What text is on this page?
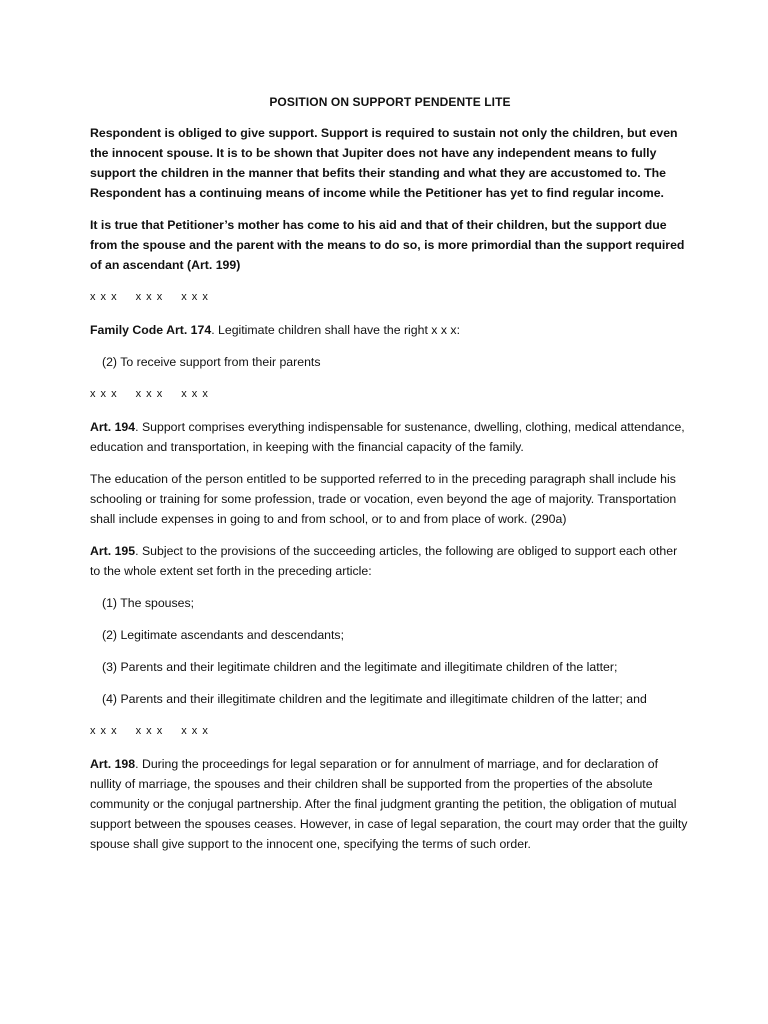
POSITION ON SUPPORT PENDENTE LITE

Respondent is obliged to give support. Support is required to sustain not only the children, but even the innocent spouse. It is to be shown that Jupiter does not have any independent means to fully support the children in the manner that befits their standing and what they are accustomed to. The Respondent has a continuing means of income while the Petitioner has yet to find regular income.

It is true that Petitioner’s mother has come to his aid and that of their children, but the support due from the spouse and the parent with the means to do so, is more primordial than the support required of an ascendant (Art. 199)

x x x x x x x x x

Family Code Art. 174. Legitimate children shall have the right x x x:

(2) To receive support from their parents

x x x x x x x x x

Art. 194. Support comprises everything indispensable for sustenance, dwelling, clothing, medical attendance, education and transportation, in keeping with the financial capacity of the family.

The education of the person entitled to be supported referred to in the preceding paragraph shall include his schooling or training for some profession, trade or vocation, even beyond the age of majority. Transportation shall include expenses in going to and from school, or to and from place of work. (290a)

Art. 195. Subject to the provisions of the succeeding articles, the following are obliged to support each other to the whole extent set forth in the preceding article:

(1) The spouses;

(2) Legitimate ascendants and descendants;

(3) Parents and their legitimate children and the legitimate and illegitimate children of the latter;

(4) Parents and their illegitimate children and the legitimate and illegitimate children of the latter; and

x x x x x x x x x

Art. 198. During the proceedings for legal separation or for annulment of marriage, and for declaration of nullity of marriage, the spouses and their children shall be supported from the properties of the absolute community or the conjugal partnership. After the final judgment granting the petition, the obligation of mutual support between the spouses ceases. However, in case of legal separation, the court may order that the guilty spouse shall give support to the innocent one, specifying the terms of such order.
